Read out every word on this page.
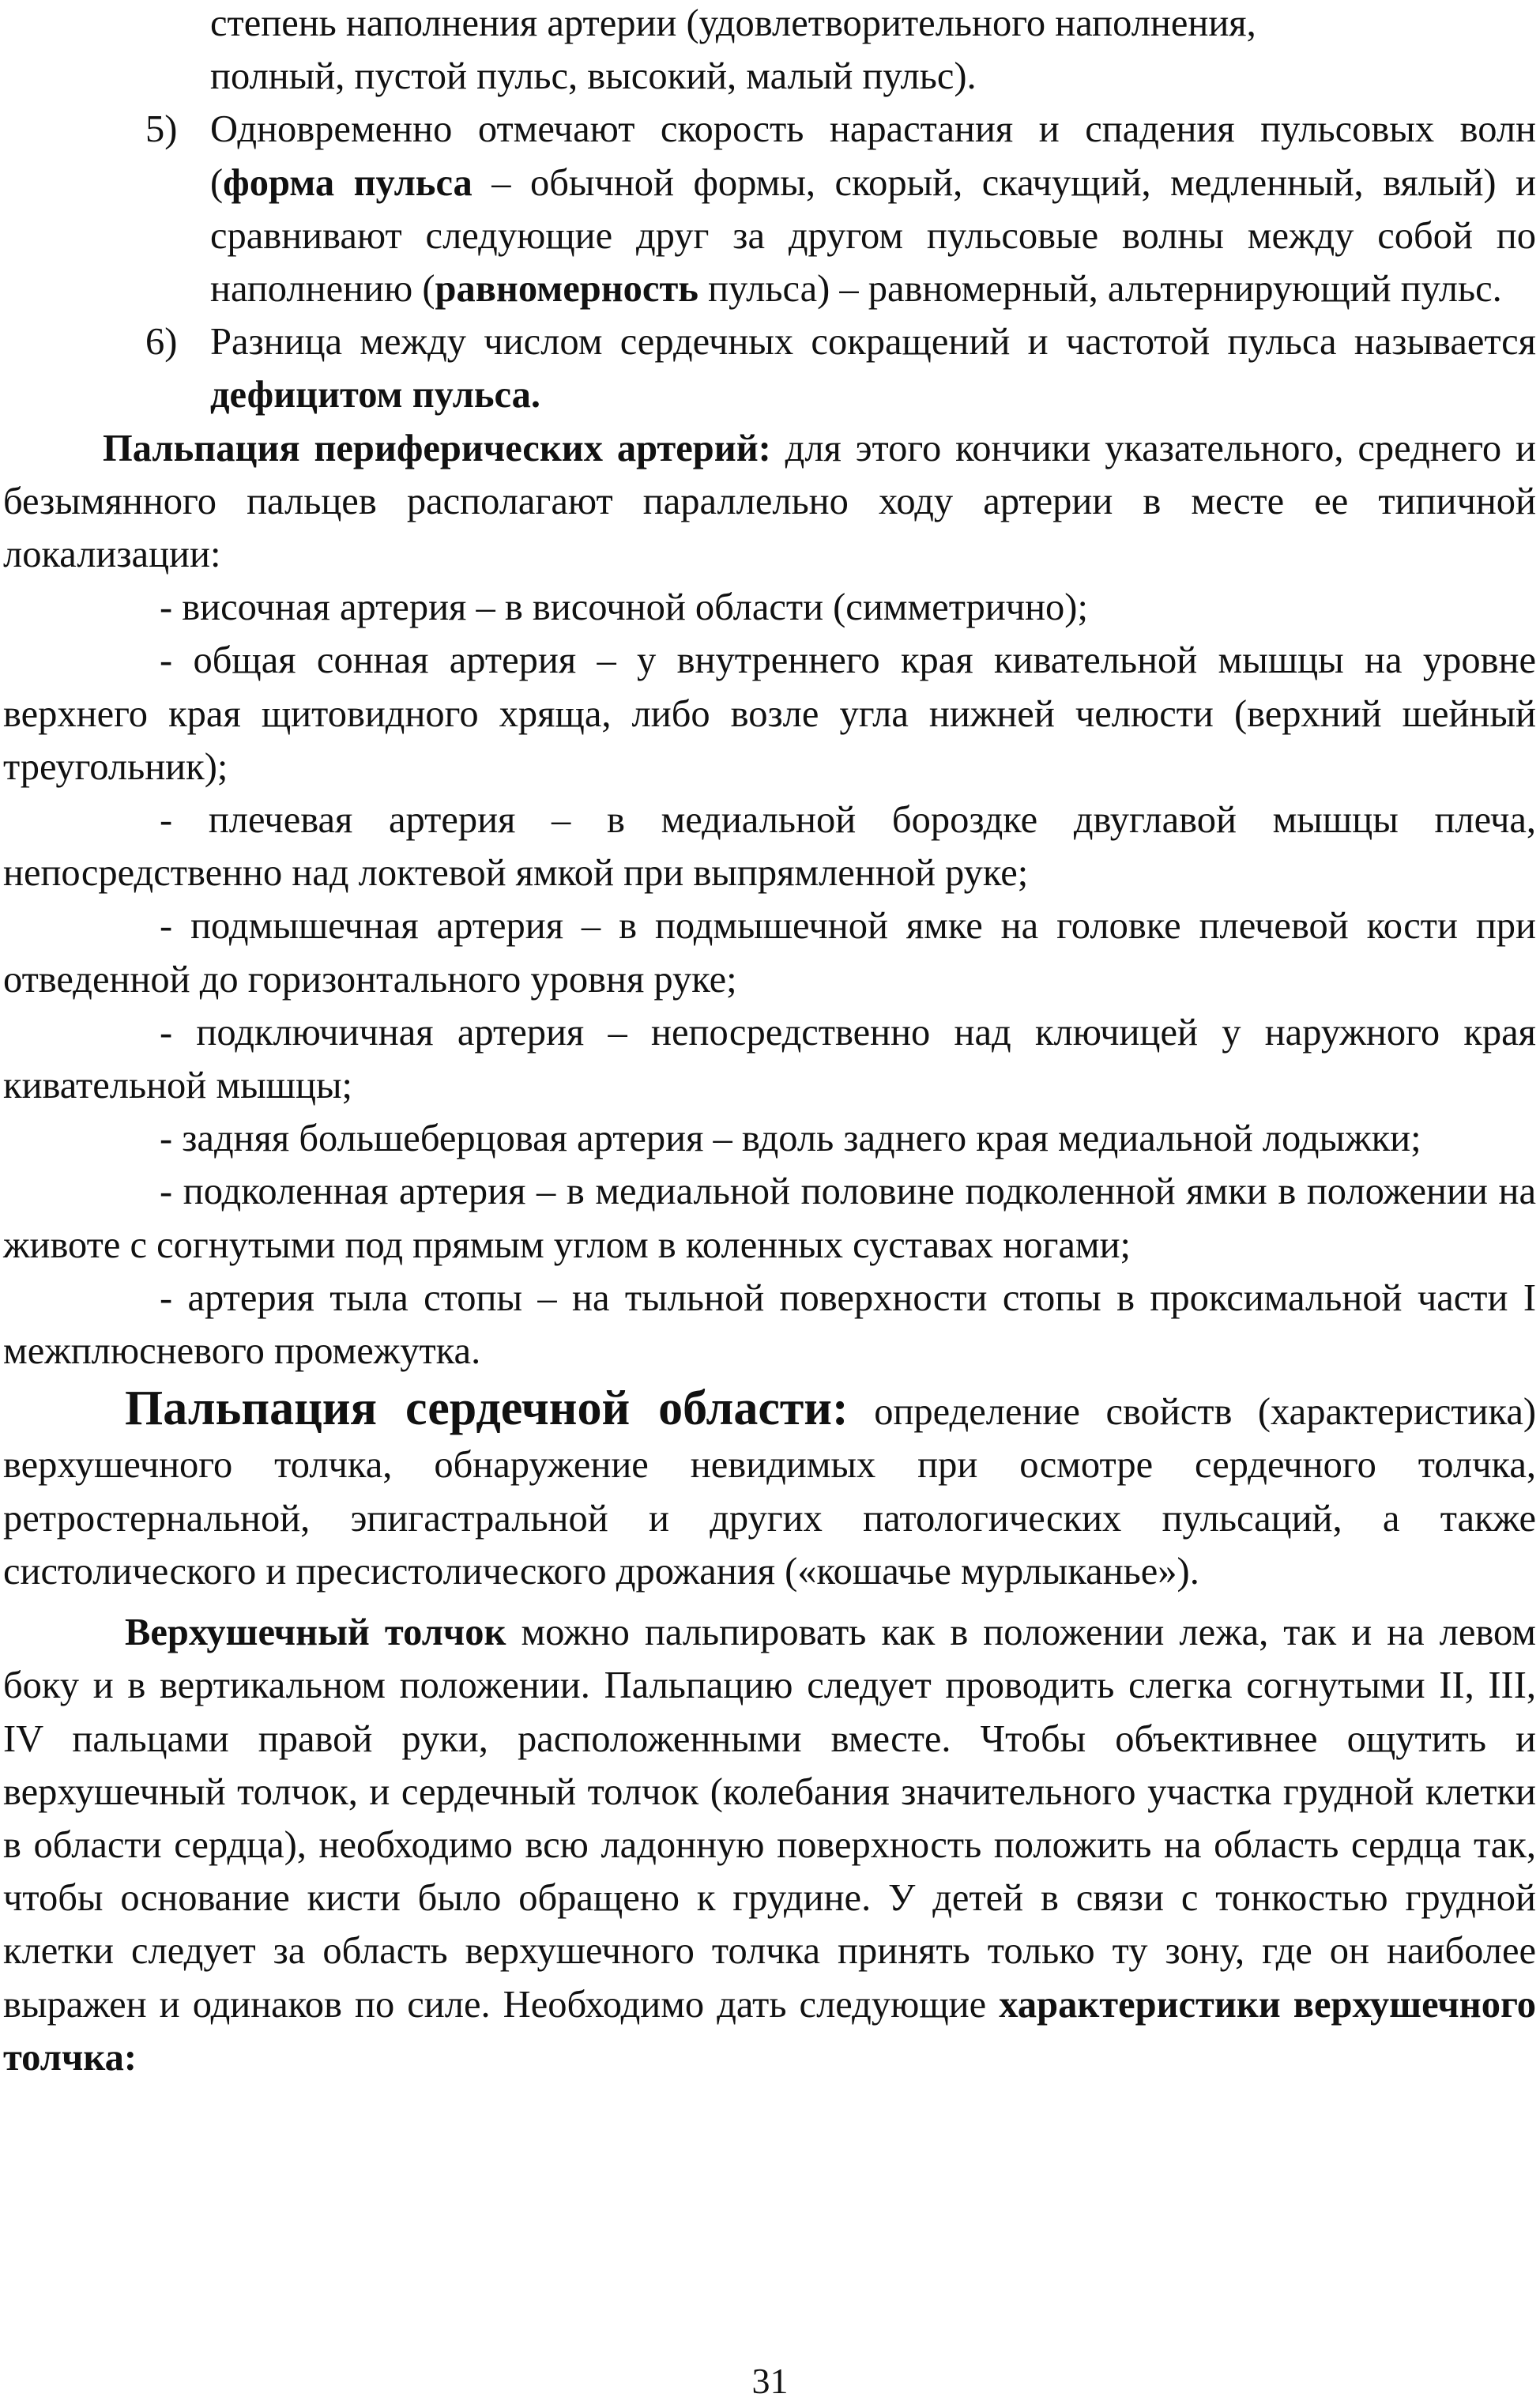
степень наполнения артерии (удовлетворительного наполнения,
полный, пустой пульс, высокий, малый пульс).

5) Одновременно отмечают скорость нарастания и спадения пульсовых волн (форма пульса – обычной формы, скорый, скачущий, медленный, вялый) и сравнивают следующие друг за другом пульсовые волны между собой по наполнению (равномерность пульса) – равномерный, альтернирующий пульс.

6) Разница между числом сердечных сокращений и частотой пульса называется дефицитом пульса.

Пальпация периферических артерий: для этого кончики указательного, среднего и безымянного пальцев располагают параллельно ходу артерии в месте ее типичной локализации:

- височная артерия – в височной области (симметрично);

- общая сонная артерия – у внутреннего края кивательной мышцы на уровне верхнего края щитовидного хряща, либо возле угла нижней челюсти (верхний шейный треугольник);

- плечевая артерия – в медиальной бороздке двуглавой мышцы плеча, непосредственно над локтевой ямкой при выпрямленной руке;

- подмышечная артерия – в подмышечной ямке на головке плечевой кости при отведенной до горизонтального уровня руке;

- подключичная артерия – непосредственно над ключицей у наружного края кивательной мышцы;

- задняя большеберцовая артерия – вдоль заднего края медиальной лодыжки;

- подколенная артерия – в медиальной половине подколенной ямки в положении на животе с согнутыми под прямым углом в коленных суставах ногами;

- артерия тыла стопы – на тыльной поверхности стопы в проксимальной части I межплюсневого промежутка.

Пальпация сердечной области: определение свойств (характеристика) верхушечного толчка, обнаружение невидимых при осмотре сердечного толчка, ретростернальной, эпигастральной и других патологических пульсаций, а также систолического и пресистолического дрожания («кошачье мурлыканье»).

Верхушечный толчок можно пальпировать как в положении лежа, так и на левом боку и в вертикальном положении. Пальпацию следует проводить слегка согнутыми II, III, IV пальцами правой руки, расположенными вместе. Чтобы объективнее ощутить и верхушечный толчок, и сердечный толчок (колебания значительного участка грудной клетки в области сердца), необходимо всю ладонную поверхность положить на область сердца так, чтобы основание кисти было обращено к грудине. У детей в связи с тонкостью грудной клетки следует за область верхушечного толчка принять только ту зону, где он наиболее выражен и одинаков по силе. Необходимо дать следующие характеристики верхушечного толчка:

31
